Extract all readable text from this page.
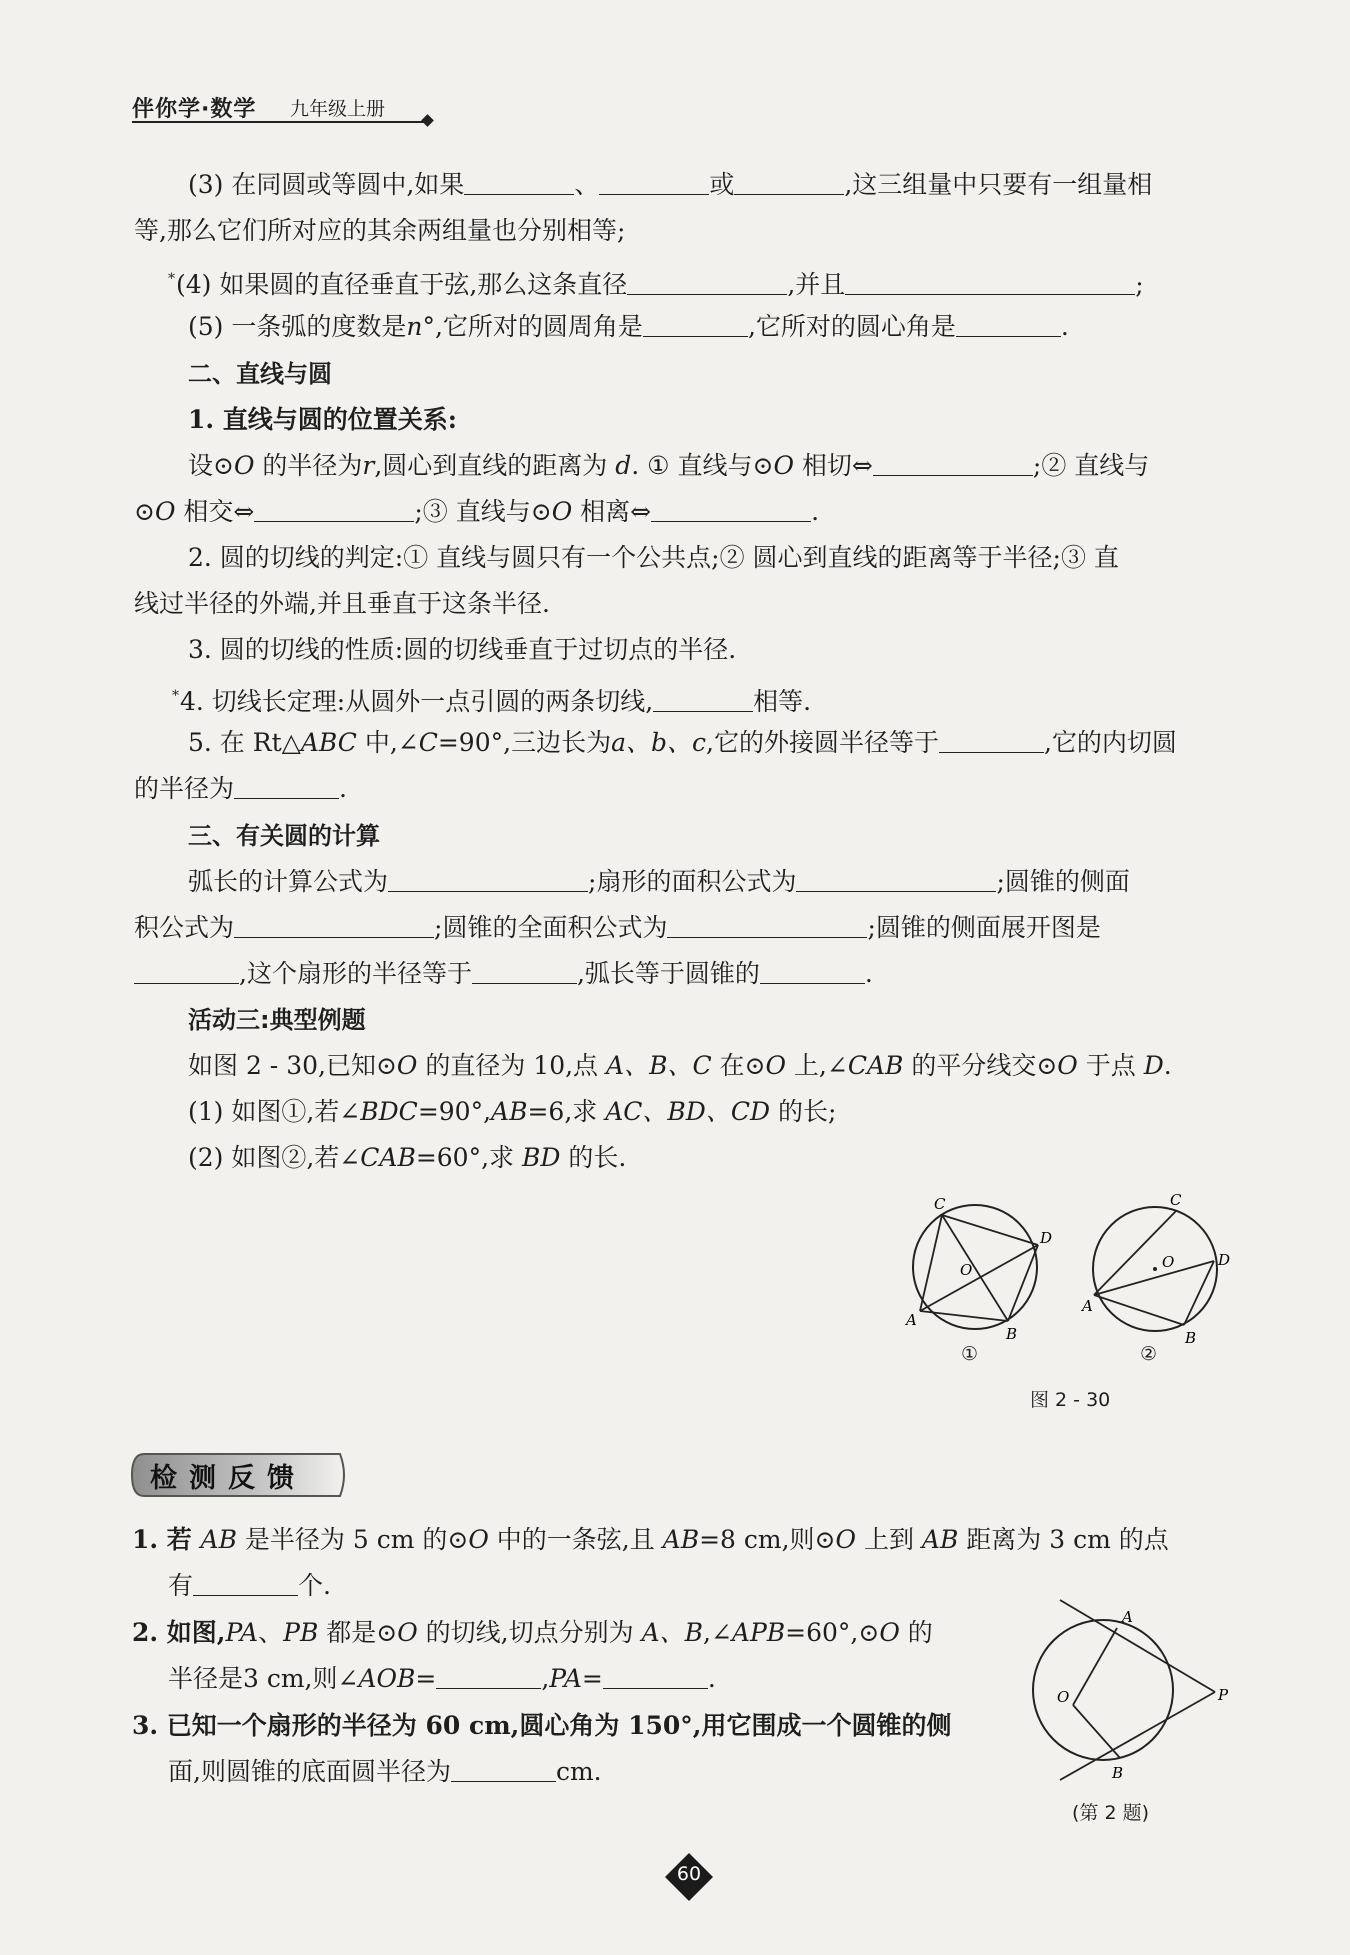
伴你学·数学 九年级上册
(3) 在同圆或等圆中,如果	、	或	,这三组量中只要有一组量相
等,那么它们所对应的其余两组量也分别相等;
*(4) 如果圆的直径垂直于弦,那么这条直径	,并且	;
(5) 一条弧的度数是n°,它所对的圆周角是	,它所对的圆心角是	.
二、直线与圆
1. 直线与圆的位置关系:
设⊙O 的半径为r,圆心到直线的距离为 d. ① 直线与⊙O 相切⇔	;② 直线与
⊙O 相交⇔	;③ 直线与⊙O 相离⇔	.
2. 圆的切线的判定:① 直线与圆只有一个公共点;② 圆心到直线的距离等于半径;③ 直
线过半径的外端,并且垂直于这条半径.
3. 圆的切线的性质:圆的切线垂直于过切点的半径.
*4. 切线长定理:从圆外一点引圆的两条切线,	相等.
5. 在 Rt△ABC 中,∠C=90°,三边长为a、b、c,它的外接圆半径等于	,它的内切圆
的半径为	.
三、有关圆的计算
弧长的计算公式为	;扇形的面积公式为	;圆锥的侧面
积公式为	;圆锥的全面积公式为	;圆锥的侧面展开图是
,这个扇形的半径等于	,弧长等于圆锥的	.
活动三:典型例题
如图 2 - 30,已知⊙O 的直径为 10,点 A、B、C 在⊙O 上,∠CAB 的平分线交⊙O 于点 D.
(1) 如图①,若∠BDC=90°,AB=6,求 AC、BD、CD 的长;
(2) 如图②,若∠CAB=60°,求 BD 的长.
C
D
O
A
B
C
D
O
A
B
①	②
图 2 - 30
检测反馈
1. 若 AB 是半径为 5 cm 的⊙O 中的一条弦,且 AB=8 cm,则⊙O 上到 AB 距离为 3 cm 的点
有	个.
2. 如图,PA、PB 都是⊙O 的切线,切点分别为 A、B,∠APB=60°,⊙O 的
半径是3 cm,则∠AOB=	,PA=	.
3. 已知一个扇形的半径为 60 cm,圆心角为 150°,用它围成一个圆锥的侧
面,则圆锥的底面圆半径为	cm.
A
B
O	P
(第 2 题)
60
